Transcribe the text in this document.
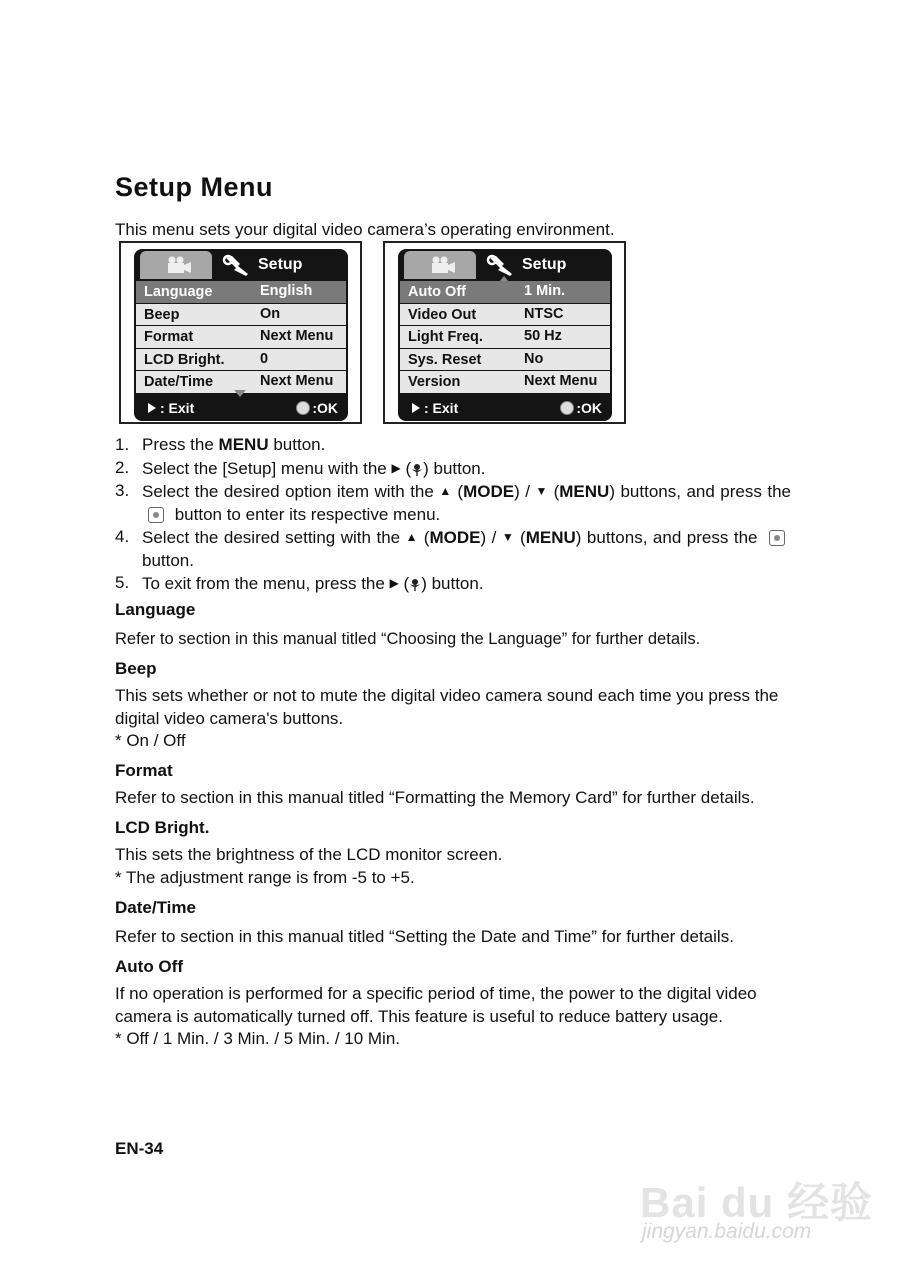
Setup Menu
This menu sets your digital video camera’s operating environment.
Setup
Language	English
Beep	On
Format	Next Menu
LCD Bright. 0
Date/Time	Next Menu
: Exit	:OK
Setup
Auto Off	1 Min.
Video Out	NTSC
Light Freq.	50 Hz
Sys. Reset	No
Version	Next Menu
: Exit	:OK
1. Press the MENU button.
2. Select the [Setup] menu with the ▶ ( ) button.
3. Select the desired option item with the ▲ (MODE) / ▼ (MENU) buttons, and press the  button to enter its respective menu.
4. Select the desired setting with the ▲ (MODE) / ▼ (MENU) buttons, and press the  button.
5. To exit from the menu, press the ▶ ( ) button.
Language
Refer to section in this manual titled “Choosing the Language” for further details.
Beep
This sets whether or not to mute the digital video camera sound each time you press the digital video camera's buttons.
* On / Off
Format
Refer to section in this manual titled “Formatting the Memory Card” for further details.
LCD Bright.
This sets the brightness of the LCD monitor screen.
* The adjustment range is from -5 to +5.
Date/Time
Refer to section in this manual titled “Setting the Date and Time” for further details.
Auto Off
If no operation is performed for a specific period of time, the power to the digital video camera is automatically turned off. This feature is useful to reduce battery usage.
* Off / 1 Min. / 3 Min. / 5 Min. / 10 Min.
EN-34
Bai du 经验
jingyan.baidu.com
